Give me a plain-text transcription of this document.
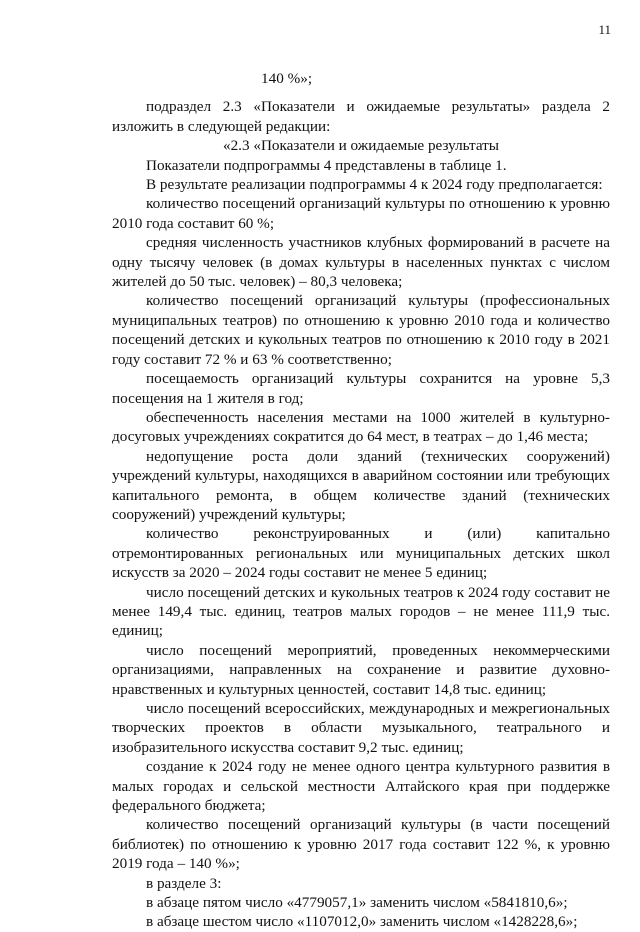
11

140 %»;

подраздел 2.3 «Показатели и ожидаемые результаты» раздела 2 изложить в следующей редакции:

«2.3 «Показатели и ожидаемые результаты

Показатели подпрограммы 4 представлены в таблице 1.

В результате реализации подпрограммы 4 к 2024 году предполагается:

количество посещений организаций культуры по отношению к уровню 2010 года составит 60 %;

средняя численность участников клубных формирований в расчете на одну тысячу человек (в домах культуры в населенных пунктах с числом жителей до 50 тыс. человек) – 80,3 человека;

количество посещений организаций культуры (профессиональных муниципальных театров) по отношению к уровню 2010 года и количество посещений детских и кукольных театров по отношению к 2010 году в 2021 году составит 72 % и 63 % соответственно;

посещаемость организаций культуры сохранится на уровне 5,3 посещения на 1 жителя в год;

обеспеченность населения местами на 1000 жителей в культурно-досуговых учреждениях сократится до 64 мест, в театрах – до 1,46 места;

недопущение роста доли зданий (технических сооружений) учреждений культуры, находящихся в аварийном состоянии или требующих капитального ремонта, в общем количестве зданий (технических сооружений) учреждений культуры;

количество реконструированных и (или) капитально отремонтированных региональных или муниципальных детских школ искусств за 2020 – 2024 годы составит не менее 5 единиц;

число посещений детских и кукольных театров к 2024 году составит не менее 149,4 тыс. единиц, театров малых городов – не менее 111,9 тыс. единиц;

число посещений мероприятий, проведенных некоммерческими организациями, направленных на сохранение и развитие духовно-нравственных и культурных ценностей, составит 14,8 тыс. единиц;

число посещений всероссийских, международных и межрегиональных творческих проектов в области музыкального, театрального и изобразительного искусства составит 9,2 тыс. единиц;

создание к 2024 году не менее одного центра культурного развития в малых городах и сельской местности Алтайского края при поддержке федерального бюджета;

количество посещений организаций культуры (в части посещений библиотек) по отношению к уровню 2017 года составит 122 %, к уровню 2019 года – 140 %»;

в разделе 3:

в абзаце пятом число «4779057,1» заменить числом «5841810,6»;

в абзаце шестом число «1107012,0» заменить числом «1428228,6»;
